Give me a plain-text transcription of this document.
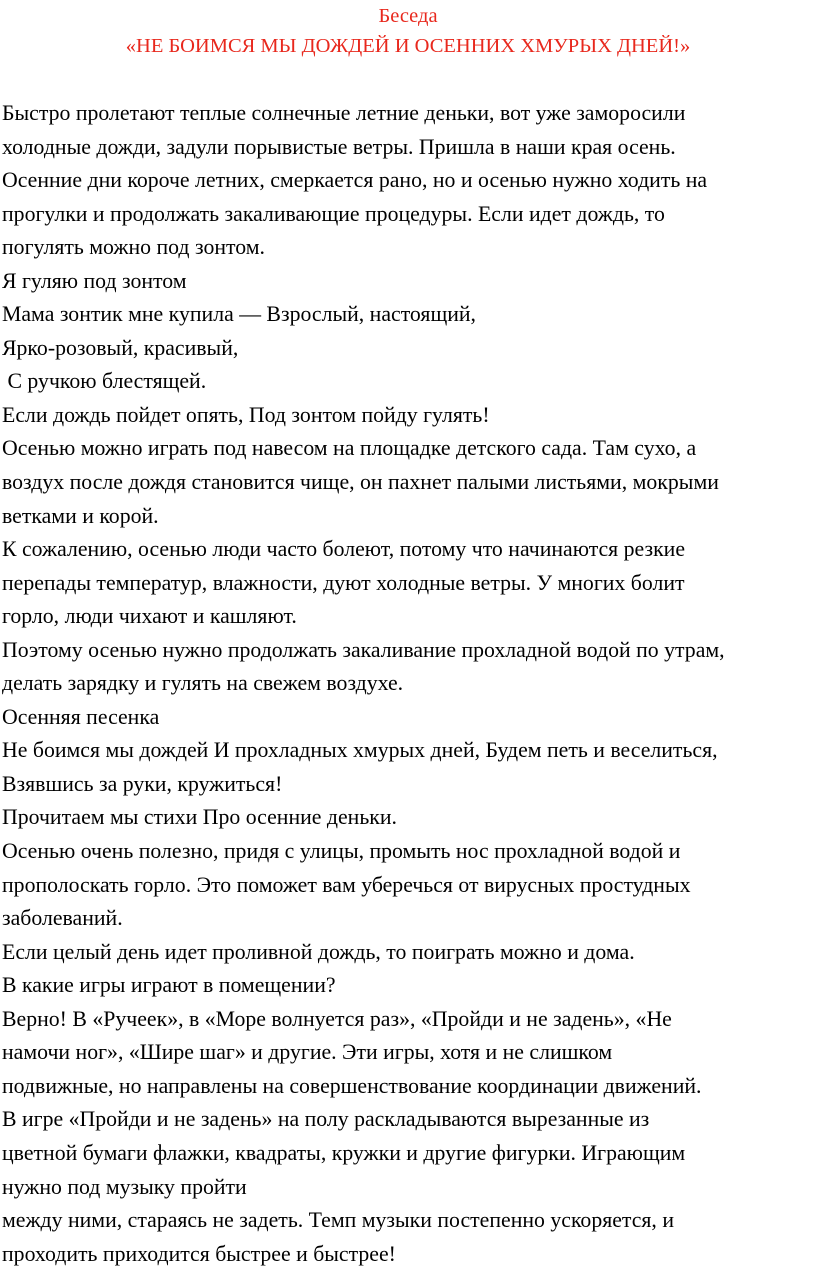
Беседа

«НЕ БОИМСЯ МЫ ДОЖДЕЙ И ОСЕННИХ ХМУРЫХ ДНЕЙ!»

Быстро пролетают теплые солнечные летние деньки, вот уже заморосили

холодные дожди, задули порывистые ветры. Пришла в наши края осень.

Осенние дни короче летних, смеркается рано, но и осенью нужно ходить на

прогулки и продолжать закаливающие процедуры. Если идет дождь, то

погулять можно под зонтом.

Я гуляю под зонтом

Мама зонтик мне купила — Взрослый, настоящий,

Ярко-розовый, красивый,

С ручкою блестящей.

Если дождь пойдет опять, Под зонтом пойду гулять!

Осенью можно играть под навесом на площадке детского сада. Там сухо, а

воздух после дождя становится чище, он пахнет палыми листьями, мокрыми

ветками и корой.

К сожалению, осенью люди часто болеют, потому что начинаются резкие

перепады температур, влажности, дуют холодные ветры. У многих болит

горло, люди чихают и кашляют.

Поэтому осенью нужно продолжать закаливание прохладной водой по утрам,

делать зарядку и гулять на свежем воздухе.

Осенняя песенка

Не боимся мы дождей И прохладных хмурых дней, Будем петь и веселиться,

Взявшись за руки, кружиться!

Прочитаем мы стихи Про осенние деньки.

Осенью очень полезно, придя с улицы, промыть нос прохладной водой и

прополоскать горло. Это поможет вам уберечься от вирусных простудных

заболеваний.

Если целый день идет проливной дождь, то поиграть можно и дома.

В какие игры играют в помещении?

Верно! В «Ручеек», в «Море волнуется раз», «Пройди и не задень», «Не

намочи ног», «Шире шаг» и другие. Эти игры, хотя и не слишком

подвижные, но направлены на совершенствование координации движений.

В игре «Пройди и не задень» на полу раскладываются вырезанные из

цветной бумаги флажки, квадраты, кружки и другие фигурки. Играющим

нужно под музыку пройти

между ними, стараясь не задеть. Темп музыки постепенно ускоряется, и

проходить приходится быстрее и быстрее!
